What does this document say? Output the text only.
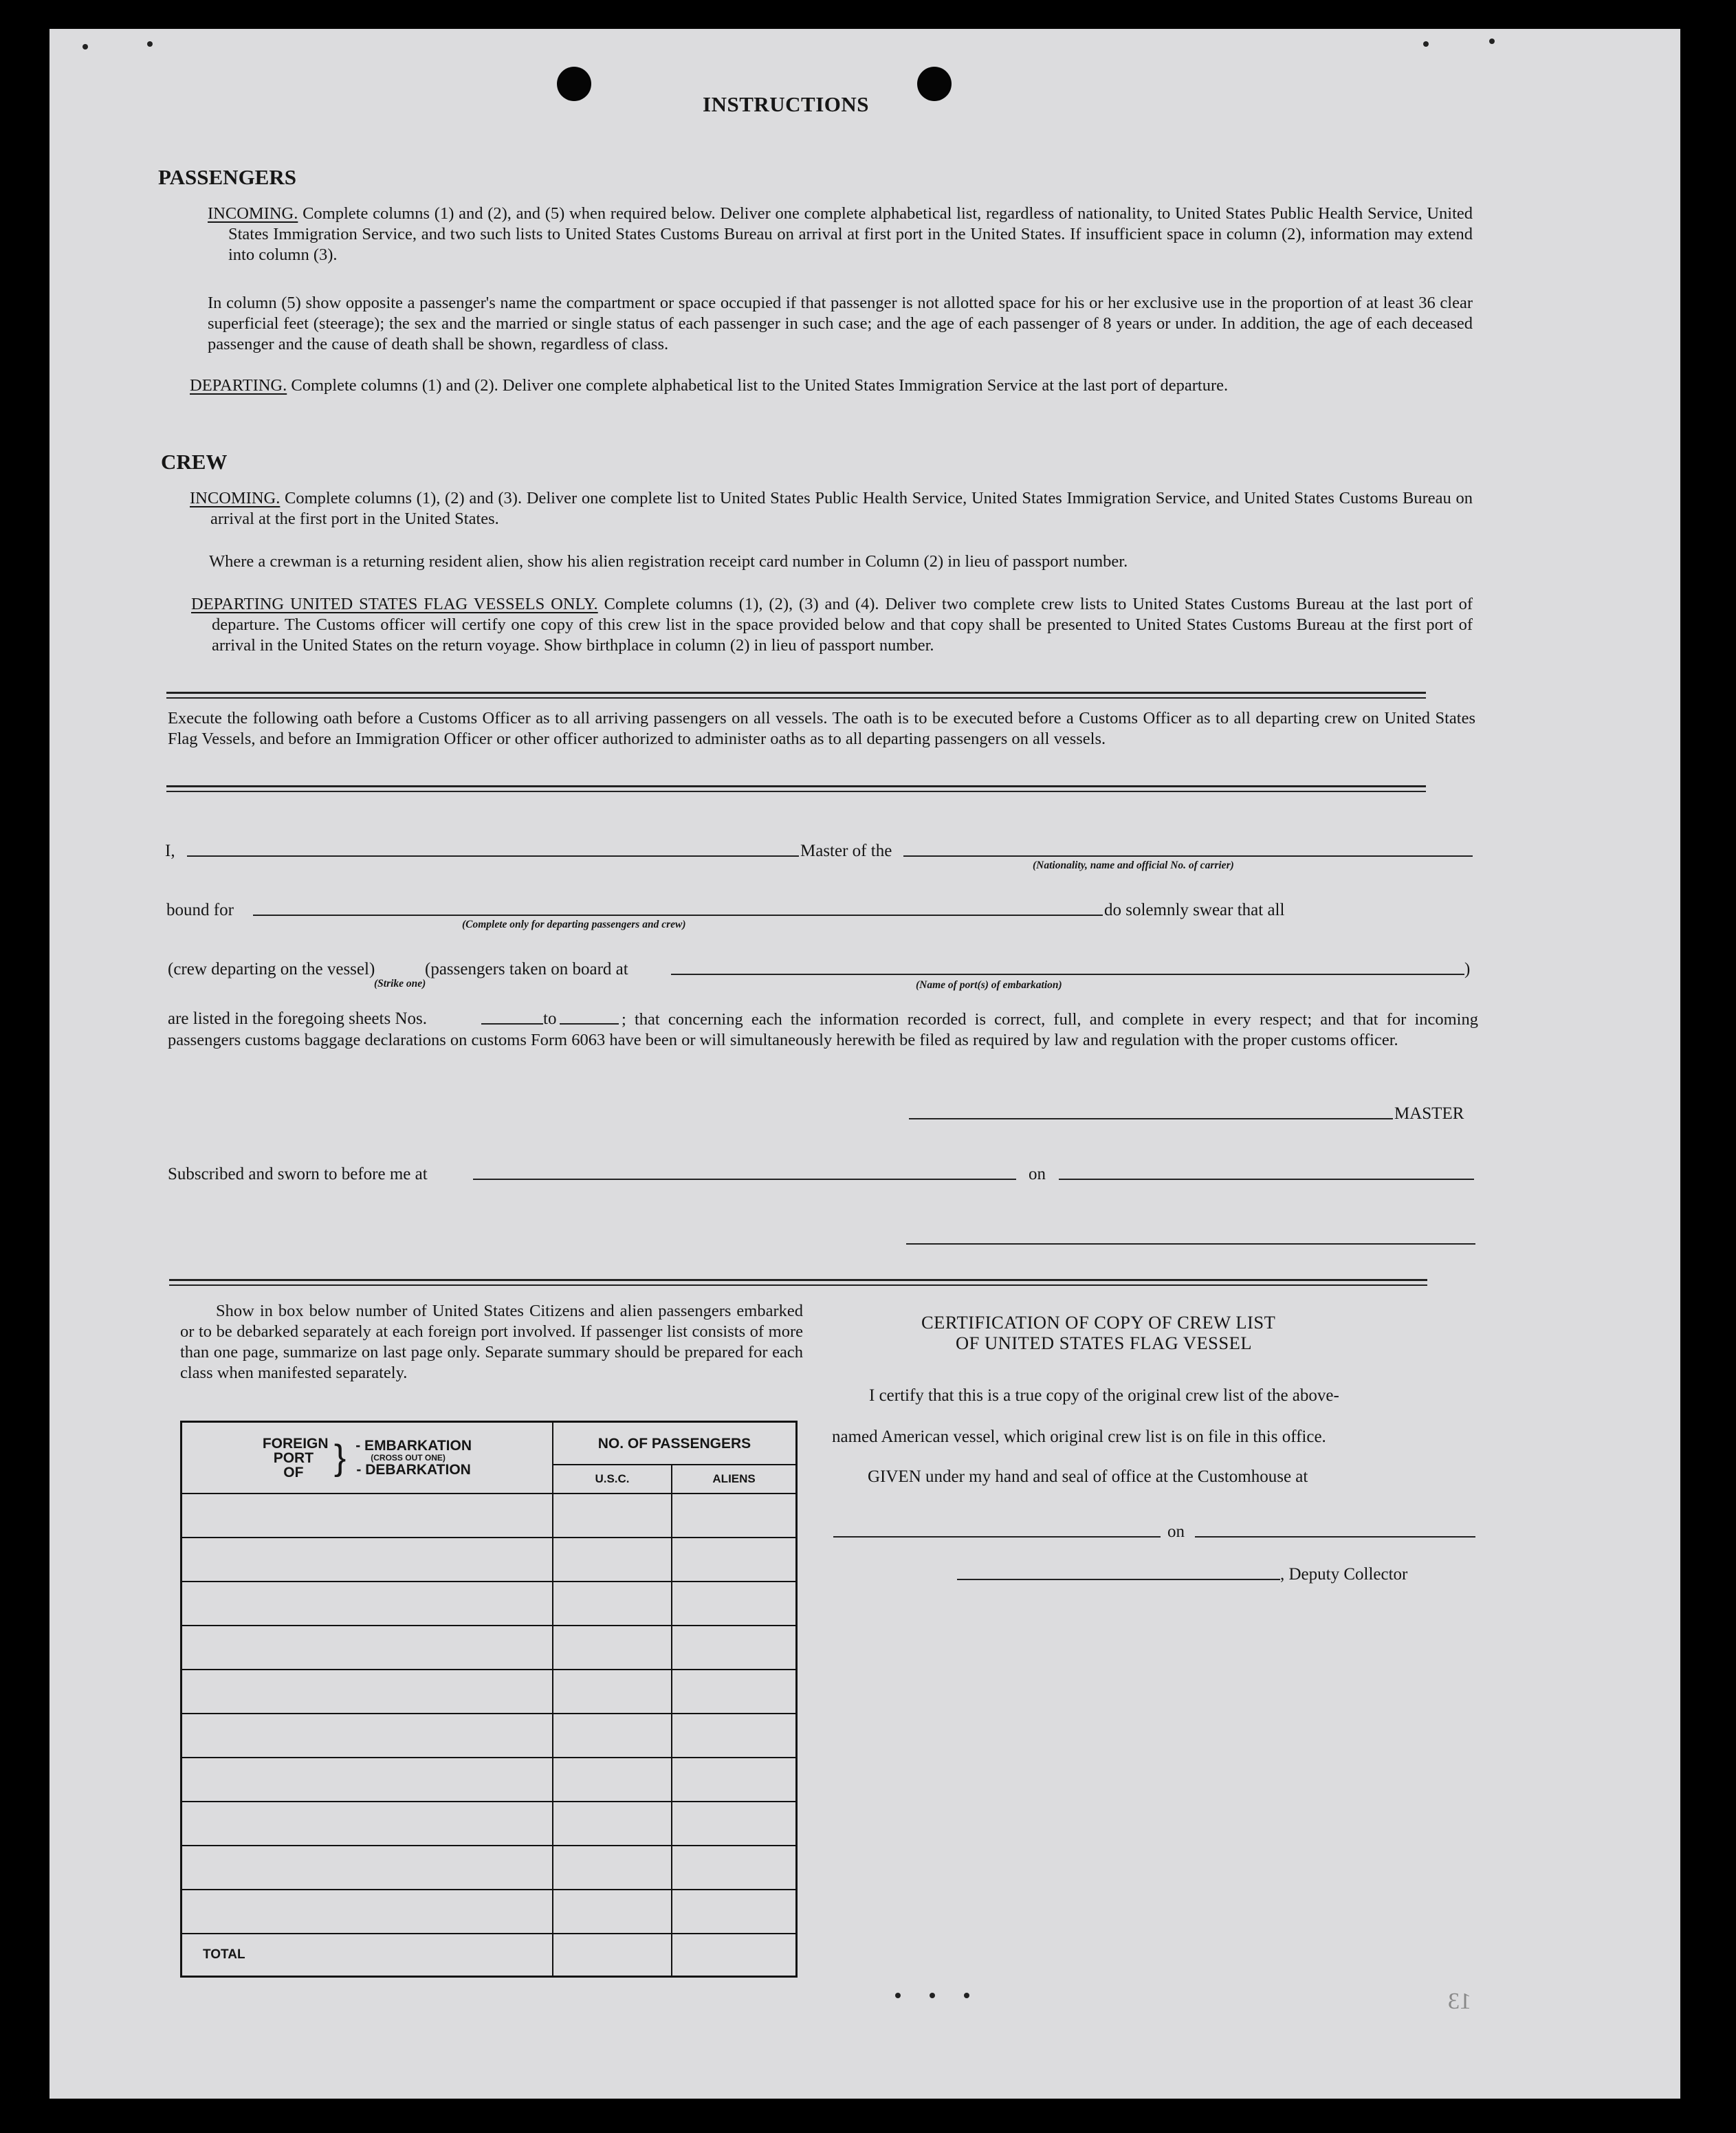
INSTRUCTIONS
PASSENGERS
INCOMING. Complete columns (1) and (2), and (5) when required below. Deliver one complete alphabetical list, regardless of nationality, to United States Public Health Service, United States Immigration Service, and two such lists to United States Customs Bureau on arrival at first port in the United States. If insufficient space in column (2), information may extend into column (3).
In column (5) show opposite a passenger's name the compartment or space occupied if that passenger is not allotted space for his or her exclusive use in the proportion of at least 36 clear superficial feet (steerage); the sex and the married or single status of each passenger in such case; and the age of each passenger of 8 years or under. In addition, the age of each deceased passenger and the cause of death shall be shown, regardless of class.
DEPARTING. Complete columns (1) and (2). Deliver one complete alphabetical list to the United States Immigration Service at the last port of departure.
CREW
INCOMING. Complete columns (1), (2) and (3). Deliver one complete list to United States Public Health Service, United States Immigration Service, and United States Customs Bureau on arrival at the first port in the United States.
Where a crewman is a returning resident alien, show his alien registration receipt card number in Column (2) in lieu of passport number.
DEPARTING UNITED STATES FLAG VESSELS ONLY. Complete columns (1), (2), (3) and (4). Deliver two complete crew lists to United States Customs Bureau at the last port of departure. The Customs officer will certify one copy of this crew list in the space provided below and that copy shall be presented to United States Customs Bureau at the first port of arrival in the United States on the return voyage. Show birthplace in column (2) in lieu of passport number.
Execute the following oath before a Customs Officer as to all arriving passengers on all vessels. The oath is to be executed before a Customs Officer as to all departing crew on United States Flag Vessels, and before an Immigration Officer or other officer authorized to administer oaths as to all departing passengers on all vessels.
I,	Master of the
(Nationality, name and official No. of carrier)
bound for
(Complete only for departing passengers and crew)
do solemnly swear that all
(crew departing on the vessel)	(passengers taken on board at
(Strike one)	(Name of port(s) of embarkation)
)
are listed in the foregoing sheets Nos.	to	; that concerning each the information recorded is correct, full, and complete in every respect; and that for incoming passengers customs baggage declarations on customs Form 6063 have been or will simultaneously herewith be filed as required by law and regulation with the proper customs officer.
MASTER
Subscribed and sworn to before me at	on
Show in box below number of United States Citizens and alien passengers embarked or to be debarked separately at each foreign port involved. If passenger list consists of more than one page, summarize on last page only. Separate summary should be prepared for each class when manifested separately.
FOREIGN PORT OF } - EMBARKATION
(CROSS OUT ONE)
- DEBARKATION	NO. OF PASSENGERS	
	U.S.C.	ALIENS

TOTAL		
CERTIFICATION OF COPY OF CREW LIST
OF UNITED STATES FLAG VESSEL
I certify that this is a true copy of the original crew list of the above-
named American vessel, which original crew list is on file in this office.
GIVEN under my hand and seal of office at the Customhouse at
on
, Deputy Collector
13
